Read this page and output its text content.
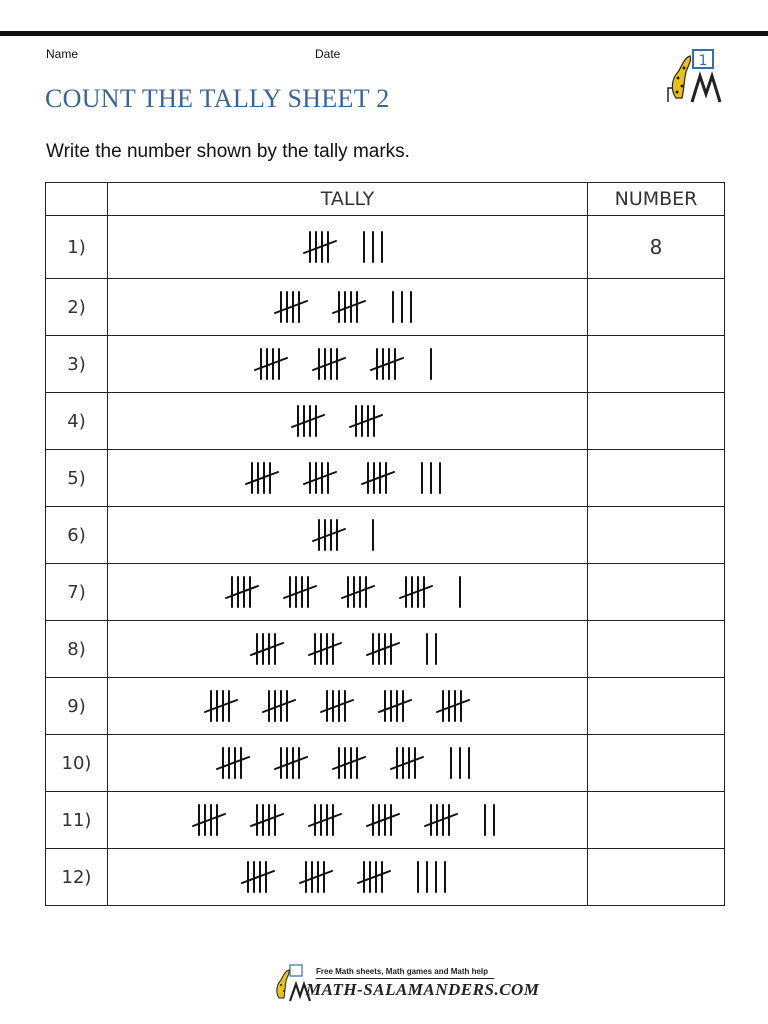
Name	Date
COUNT THE TALLY SHEET 2
Write the number shown by the tally marks.
1
	TALLY	NUMBER
1)		8
2)	

3)	

4)	

5)	

6)	

7)	

8)	

9)	

10)	

11)	

12)	

Free Math sheets, Math games and Math help
MATH-SALAMANDERS.COM
